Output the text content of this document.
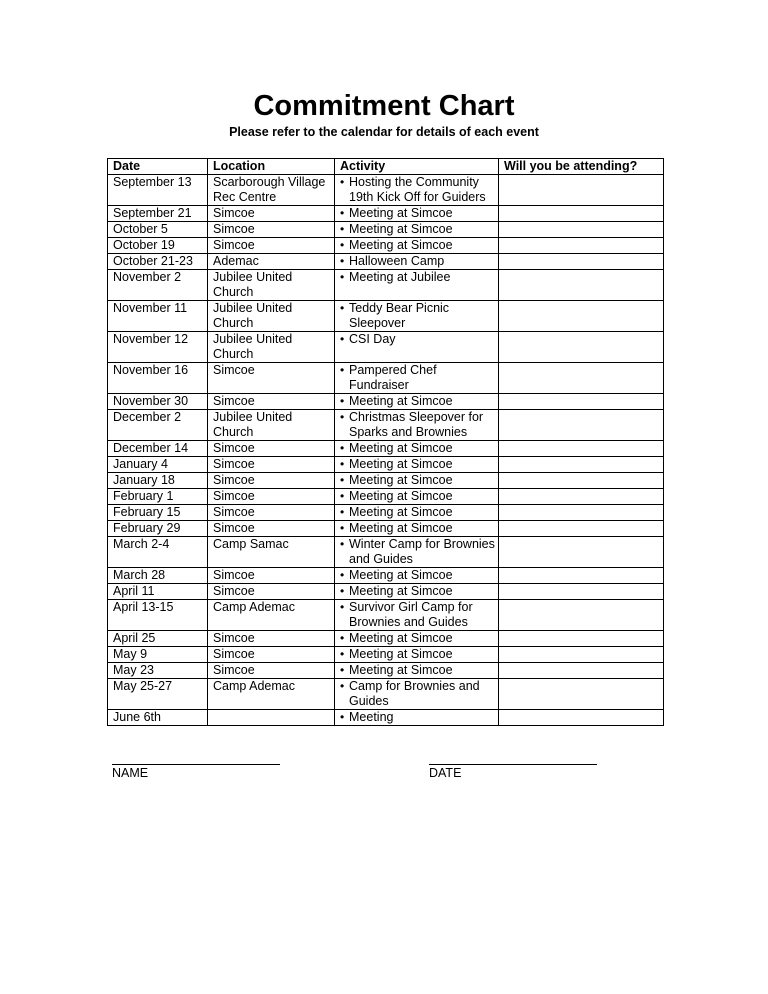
Commitment Chart
Please refer to the calendar for details of each event
Date	Location	Activity	Will you be attending?
September 13	Scarborough Village Rec Centre	• Hosting the Community 19th Kick Off for Guiders	

September 21	Simcoe	• Meeting at Simcoe	

October 5	Simcoe	• Meeting at Simcoe	

October 19	Simcoe	• Meeting at Simcoe	

October 21-23	Ademac	• Halloween Camp	

November 2	Jubilee United Church	• Meeting at Jubilee	

November 11	Jubilee United Church	• Teddy Bear Picnic Sleepover	

November 12	Jubilee United Church	• CSI Day	

November 16	Simcoe	• Pampered Chef Fundraiser	

November 30	Simcoe	• Meeting at Simcoe	

December 2	Jubilee United Church	• Christmas Sleepover for Sparks and Brownies	

December 14	Simcoe	• Meeting at Simcoe	

January 4	Simcoe	• Meeting at Simcoe	

January 18	Simcoe	• Meeting at Simcoe	

February 1	Simcoe	• Meeting at Simcoe	

February 15	Simcoe	• Meeting at Simcoe	

February 29	Simcoe	• Meeting at Simcoe	

March 2-4	Camp Samac	• Winter Camp for Brownies and Guides	

March 28	Simcoe	• Meeting at Simcoe	

April 11	Simcoe	• Meeting at Simcoe	

April 13-15	Camp Ademac	• Survivor Girl Camp for Brownies and Guides	

April 25	Simcoe	• Meeting at Simcoe	

May 9	Simcoe	• Meeting at Simcoe	

May 23	Simcoe	• Meeting at Simcoe	

May 25-27	Camp Ademac	• Camp for Brownies and Guides	

June 6th		• Meeting	

NAME	DATE
